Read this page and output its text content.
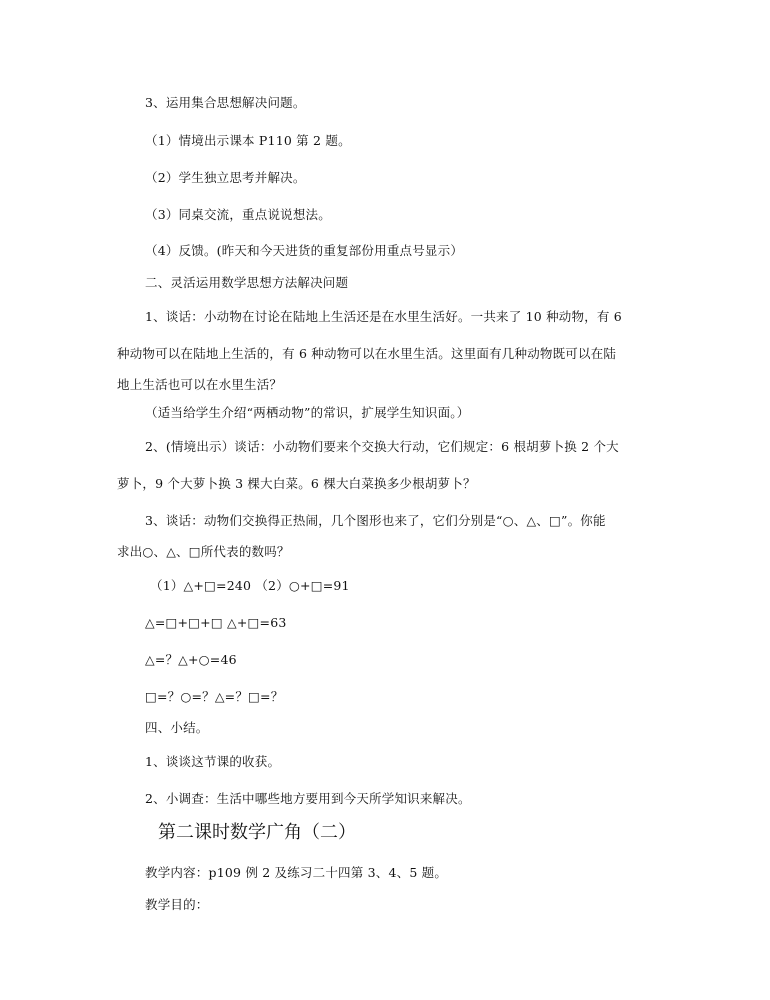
3、运用集合思想解决问题。
（1）情境出示课本 P110 第 2 题。
（2）学生独立思考并解决。
（3）同桌交流，重点说说想法。
（4）反馈。(昨天和今天进货的重复部份用重点号显示）
二、灵活运用数学思想方法解决问题
1、谈话：小动物在讨论在陆地上生活还是在水里生活好。一共来了 10 种动物，有 6
种动物可以在陆地上生活的，有 6 种动物可以在水里生活。这里面有几种动物既可以在陆
地上生活也可以在水里生活？
（适当给学生介绍“两栖动物”的常识，扩展学生知识面。）
2、(情境出示）谈话：小动物们要来个交换大行动，它们规定：6 根胡萝卜换 2 个大
萝卜，9 个大萝卜换 3 棵大白菜。6 棵大白菜换多少根胡萝卜？
3、谈话：动物们交换得正热闹，几个图形也来了，它们分别是“○、△、□”。你能
求出○、△、□所代表的数吗？
（1）△+□=240 （2）○+□=91
△=□+□+□ △+□=63
△=？△+○=46
□=？○=？△=？□=？
四、小结。
1、谈谈这节课的收获。
2、小调查：生活中哪些地方要用到今天所学知识来解决。
第二课时数学广角（二）
教学内容：p109 例 2 及练习二十四第 3、4、5 题。
教学目的：
